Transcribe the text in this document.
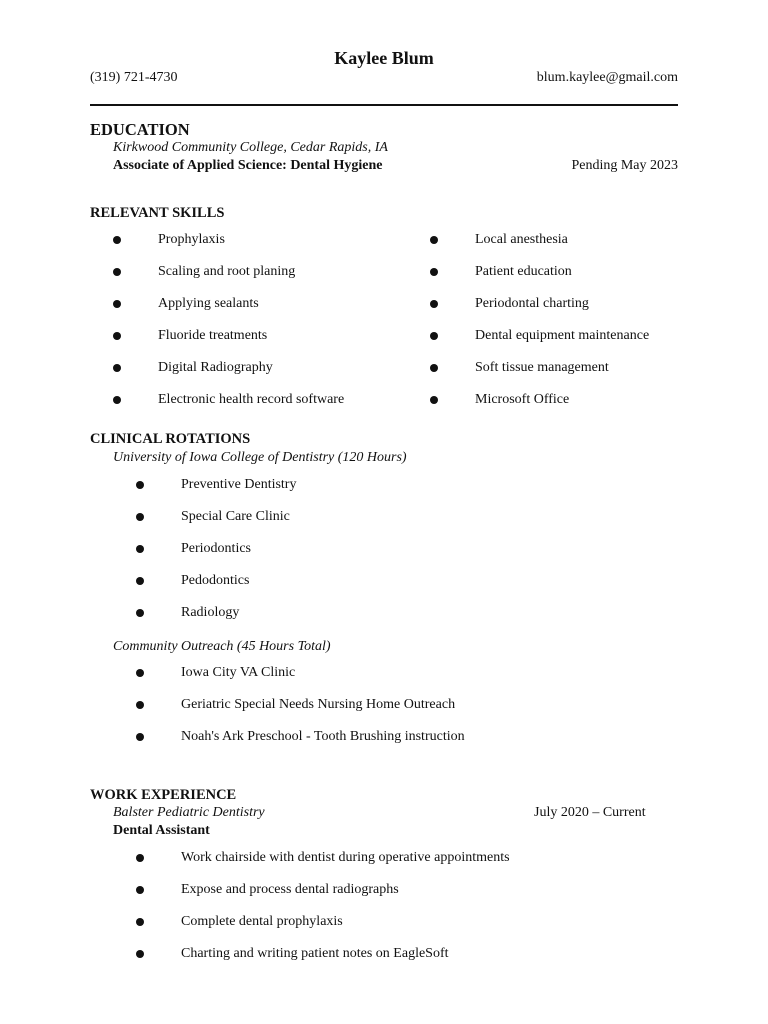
Kaylee Blum
(319) 721-4730	blum.kaylee@gmail.com
EDUCATION
Kirkwood Community College, Cedar Rapids, IA
Associate of Applied Science: Dental Hygiene	Pending May 2023
RELEVANT SKILLS
Prophylaxis
Scaling and root planing
Applying sealants
Fluoride treatments
Digital Radiography
Electronic health record software
Local anesthesia
Patient education
Periodontal charting
Dental equipment maintenance
Soft tissue management
Microsoft Office
CLINICAL ROTATIONS
University of Iowa College of Dentistry (120 Hours)
Preventive Dentistry
Special Care Clinic
Periodontics
Pedodontics
Radiology
Community Outreach (45 Hours Total)
Iowa City VA Clinic
Geriatric Special Needs Nursing Home Outreach
Noah's Ark Preschool - Tooth Brushing instruction
WORK EXPERIENCE
Balster Pediatric Dentistry	July 2020 – Current
Dental Assistant
Work chairside with dentist during operative appointments
Expose and process dental radiographs
Complete dental prophylaxis
Charting and writing patient notes on EagleSoft
